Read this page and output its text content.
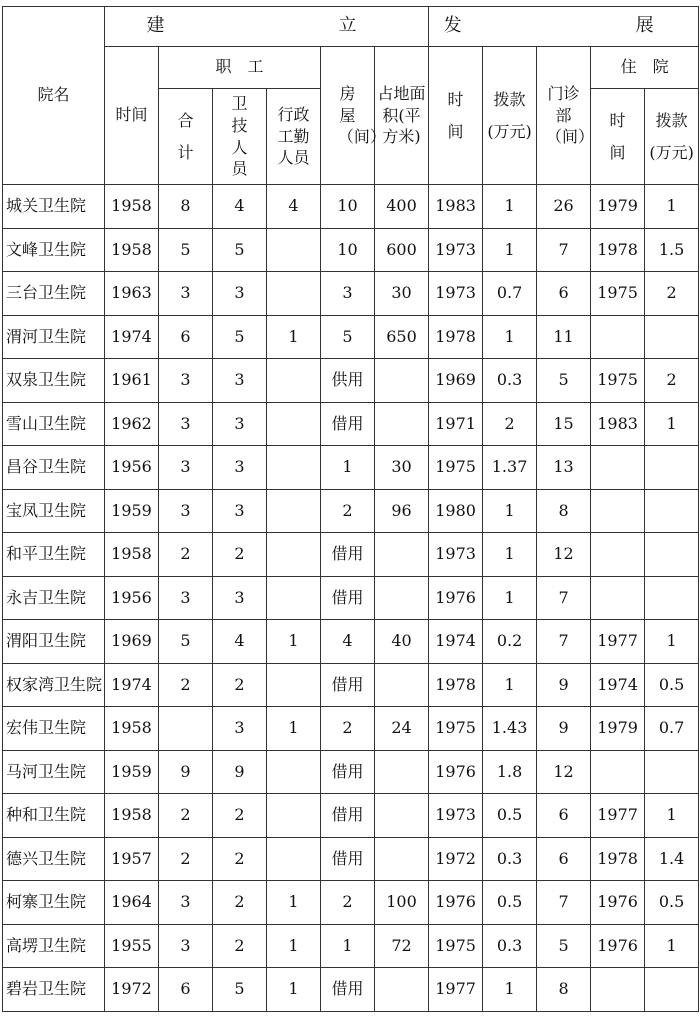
院名	建　　　立						发　　　展				
	时间	职　工			房屋（间）	占地面积(平方米)	时间	拨款(万元)	门诊部（间）	住　院	

		合计	卫技人员	行政工勤人员						时间	拨款(万元)

城关卫生院	1958	8	4	4	10	400	1983	1	26	1979	1
文峰卫生院	1958	5	5		10	600	1973	1	7	1978	1.5
三台卫生院	1963	3	3		3	30	1973	0.7	6	1975	2
渭河卫生院	1974	6	5	1	5	650	1978	1	11		
双泉卫生院	1961	3	3		供用		1969	0.3	5	1975	2
雪山卫生院	1962	3	3		借用		1971	2	15	1983	1
昌谷卫生院	1956	3	3		1	30	1975	1.37	13		
宝凤卫生院	1959	3	3		2	96	1980	1	8		
和平卫生院	1958	2	2		借用		1973	1	12		
永吉卫生院	1956	3	3		借用		1976	1	7		
渭阳卫生院	1969	5	4	1	4	40	1974	0.2	7	1977	1
权家湾卫生院	1974	2	2		借用		1978	1	9	1974	0.5
宏伟卫生院	1958		3	1	2	24	1975	1.43	9	1979	0.7
马河卫生院	1959	9	9		借用		1976	1.8	12		
种和卫生院	1958	2	2		借用		1973	0.5	6	1977	1
德兴卫生院	1957	2	2		借用		1972	0.3	6	1978	1.4
柯寨卫生院	1964	3	2	1	2	100	1976	0.5	7	1976	0.5
高塄卫生院	1955	3	2	1	1	72	1975	0.3	5	1976	1
碧岩卫生院	1972	6	5	1	借用		1977	1	8		
